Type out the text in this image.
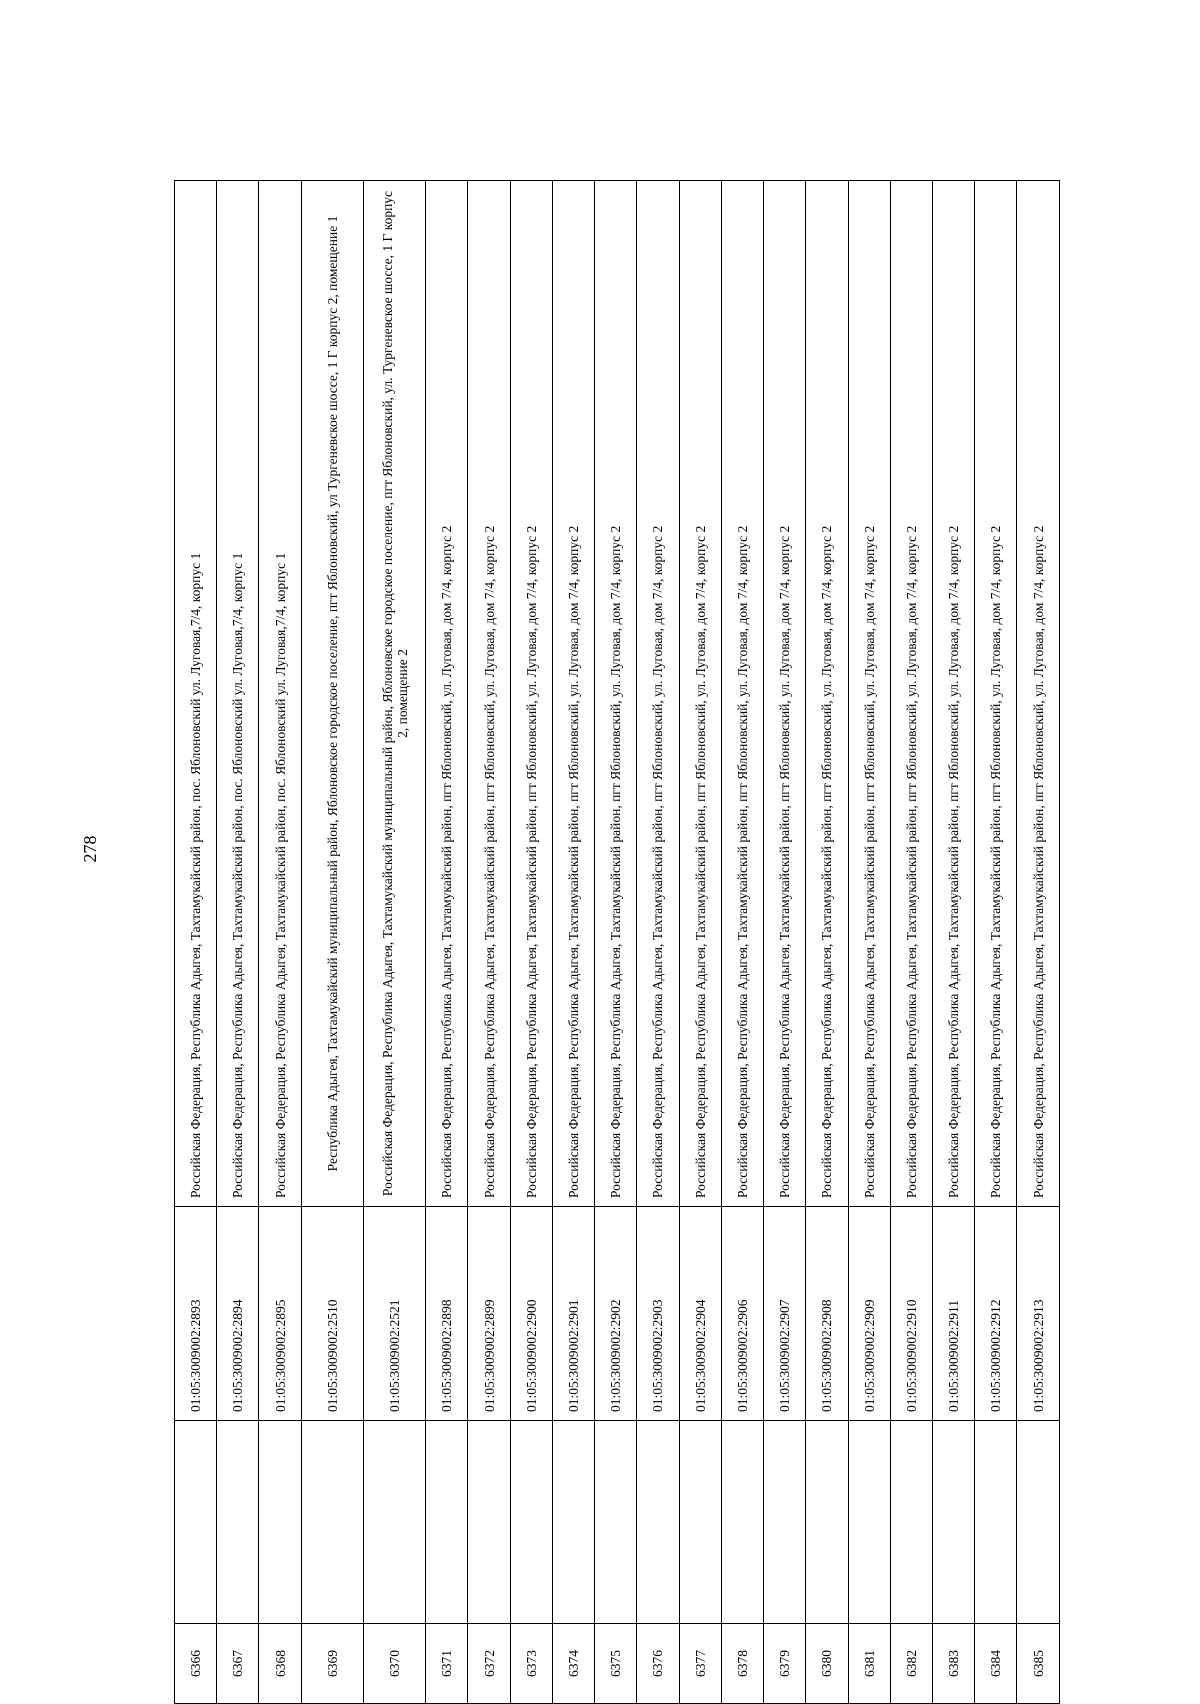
278
6366		01:05:3009002:2893	Российская Федерация, Республика Адыгея, Тахтамукайский район, пос. Яблоновский ул. Луговая,7/4, корпус 1
6367		01:05:3009002:2894	Российская Федерация, Республика Адыгея, Тахтамукайский район, пос. Яблоновский ул. Луговая,7/4, корпус 1
6368		01:05:3009002:2895	Российская Федерация, Республика Адыгея, Тахтамукайский район, пос. Яблоновский ул. Луговая,7/4, корпус 1
6369		01:05:3009002:2510	Республика Адыгея, Тахтамукайский муниципальный район, Яблоновское городское поселение, пгт Яблоновский, ул Тургеневское шоссе, 1 Г корпус 2, помещение 1
6370		01:05:3009002:2521	Российская Федерация, Республика Адыгея, Тахтамукайский муниципальный район, Яблоновское городское поселение, пгт Яблоновский, ул. Тургеневское шоссе, 1 Г корпус 2, помещение 2
6371		01:05:3009002:2898	Российская Федерация, Республика Адыгея, Тахтамукайский район, пгт Яблоновский, ул. Луговая, дом 7/4, корпус 2
6372		01:05:3009002:2899	Российская Федерация, Республика Адыгея, Тахтамукайский район, пгт Яблоновский, ул. Луговая, дом 7/4, корпус 2
6373		01:05:3009002:2900	Российская Федерация, Республика Адыгея, Тахтамукайский район, пгт Яблоновский, ул. Луговая, дом 7/4, корпус 2
6374		01:05:3009002:2901	Российская Федерация, Республика Адыгея, Тахтамукайский район, пгт Яблоновский, ул. Луговая, дом 7/4, корпус 2
6375		01:05:3009002:2902	Российская Федерация, Республика Адыгея, Тахтамукайский район, пгт Яблоновский, ул. Луговая, дом 7/4, корпус 2
6376		01:05:3009002:2903	Российская Федерация, Республика Адыгея, Тахтамукайский район, пгт Яблоновский, ул. Луговая, дом 7/4, корпус 2
6377		01:05:3009002:2904	Российская Федерация, Республика Адыгея, Тахтамукайский район, пгт Яблоновский, ул. Луговая, дом 7/4, корпус 2
6378		01:05:3009002:2906	Российская Федерация, Республика Адыгея, Тахтамукайский район, пгт Яблоновский, ул. Луговая, дом 7/4, корпус 2
6379		01:05:3009002:2907	Российская Федерация, Республика Адыгея, Тахтамукайский район, пгт Яблоновский, ул. Луговая, дом 7/4, корпус 2
6380		01:05:3009002:2908	Российская Федерация, Республика Адыгея, Тахтамукайский район, пгт Яблоновский, ул. Луговая, дом 7/4, корпус 2
6381		01:05:3009002:2909	Российская Федерация, Республика Адыгея, Тахтамукайский район, пгт Яблоновский, ул. Луговая, дом 7/4, корпус 2
6382		01:05:3009002:2910	Российская Федерация, Республика Адыгея, Тахтамукайский район, пгт Яблоновский, ул. Луговая, дом 7/4, корпус 2
6383		01:05:3009002:2911	Российская Федерация, Республика Адыгея, Тахтамукайский район, пгт Яблоновский, ул. Луговая, дом 7/4, корпус 2
6384		01:05:3009002:2912	Российская Федерация, Республика Адыгея, Тахтамукайский район, пгт Яблоновский, ул. Луговая, дом 7/4, корпус 2
6385		01:05:3009002:2913	Российская Федерация, Республика Адыгея, Тахтамукайский район, пгт Яблоновский, ул. Луговая, дом 7/4, корпус 2
